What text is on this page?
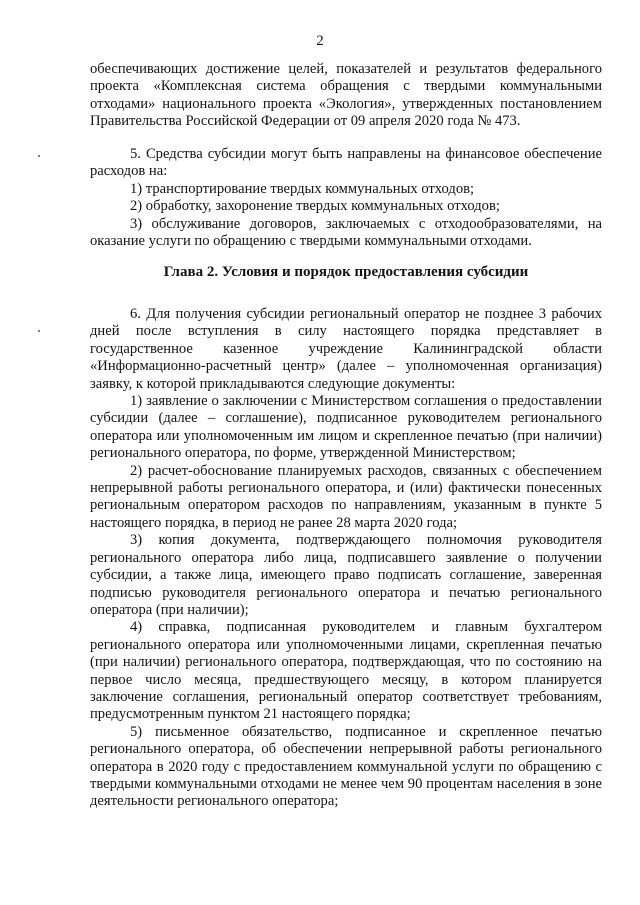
2

обеспечивающих достижение целей, показателей и результатов федерального проекта «Комплексная система обращения с твердыми коммунальными отходами» национального проекта «Экология», утвержденных постановлением Правительства Российской Федерации от 09 апреля 2020 года № 473.

5. Средства субсидии могут быть направлены на финансовое обеспечение расходов на:

1) транспортирование твердых коммунальных отходов;

2) обработку, захоронение твердых коммунальных отходов;

3) обслуживание договоров, заключаемых с отходообразователями, на оказание услуги по обращению с твердыми коммунальными отходами.

Глава 2. Условия и порядок предоставления субсидии

6. Для получения субсидии региональный оператор не позднее 3 рабочих дней после вступления в силу настоящего порядка представляет в государственное казенное учреждение Калининградской области «Информационно-расчетный центр» (далее – уполномоченная организация) заявку, к которой прикладываются следующие документы:

1) заявление о заключении с Министерством соглашения о предоставлении субсидии (далее – соглашение), подписанное руководителем регионального оператора или уполномоченным им лицом и скрепленное печатью (при наличии) регионального оператора, по форме, утвержденной Министерством;

2) расчет-обоснование планируемых расходов, связанных с обеспечением непрерывной работы регионального оператора, и (или) фактически понесенных региональным оператором расходов по направлениям, указанным в пункте 5 настоящего порядка, в период не ранее 28 марта 2020 года;

3) копия документа, подтверждающего полномочия руководителя регионального оператора либо лица, подписавшего заявление о получении субсидии, а также лица, имеющего право подписать соглашение, заверенная подписью руководителя регионального оператора и печатью регионального оператора (при наличии);

4) справка, подписанная руководителем и главным бухгалтером регионального оператора или уполномоченными лицами, скрепленная печатью (при наличии) регионального оператора, подтверждающая, что по состоянию на первое число месяца, предшествующего месяцу, в котором планируется заключение соглашения, региональный оператор соответствует требованиям, предусмотренным пунктом 21 настоящего порядка;

5) письменное обязательство, подписанное и скрепленное печатью регионального оператора, об обеспечении непрерывной работы регионального оператора в 2020 году с предоставлением коммунальной услуги по обращению с твердыми коммунальными отходами не менее чем 90 процентам населения в зоне деятельности регионального оператора;
